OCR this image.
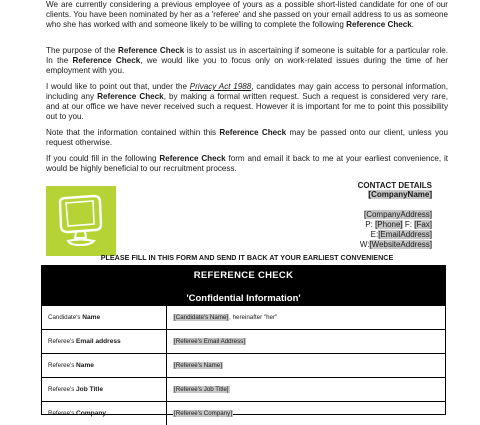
We are currently considering a previous employee of yours as a possible short-listed candidate for one of our clients. You have been nominated by her as a 'referee' and she passed on your email address to us as someone who she has worked with and someone likely to be willing to complete the following Reference Check.

The purpose of the Reference Check is to assist us in ascertaining if someone is suitable for a particular role. In the Reference Check, we would like you to focus only on work-related issues during the time of her employment with you.

I would like to point out that, under the Privacy Act 1988, candidates may gain access to personal information, including any Reference Check, by making a formal written request. Such a request is considered very rare, and at our office we have never received such a request. However it is important for me to point this possibility out to you.

Note that the information contained within this Reference Check may be passed onto our client, unless you request otherwise.

If you could fill in the following Reference Check form and email it back to me at your earliest convenience, it would be highly beneficial to our recruitment process.

CONTACT DETAILS
[CompanyName]
[CompanyAddress]
P: [Phone] F: [Fax]
E:[EmailAddress]
W:[WebsiteAddress]
PLEASE FILL IN THIS FORM AND SEND IT BACK AT YOUR EARLIEST CONVENIENCE
REFERENCE CHECK
'Confidential Information'
Candidate's Name	[Candidate's Name], hereinafter "her"
Referee's Email address	[Referee's Email Address]
Referee's Name	[Referee's Name]
Referee's Job Title	[Referee's Job Title]
Referee's Company	[Referee's Company]
